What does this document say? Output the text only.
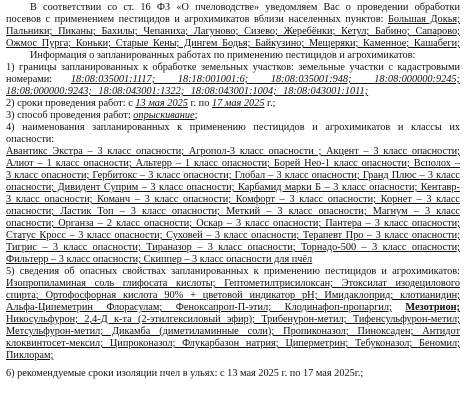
В соответствии со ст. 16 ФЗ «О пчеловодстве» уведомляем Вас о проведении обработки
посевов с применением пестицидов и агрохимикатов вблизи населенных пунктов: Большая Докья;
Пальники; Пиканы; Бахилы; Чепаниха; Лагуново; Сизево; Жеребёнки; Кетул; Бабино; Сапарово;
Ожмос Пурга; Коньки; Старые Кены; Дингем Бодья; Байкузино; Мещеряки; Каменное; Кашабеги;
Информация о запланированных работах по применению пестицидов и агрохимикатов:
1) границы запланированных к обработке земельных участков: земельные участки с кадастровыми
номерами: 18:08:035001:1117; 18:18:001001:6; 18:08:035001:948; 18:08:000000:9245;
18:08:000000:9243; 18:08:043001:1322; 18:08:043001:1004; 18:08:043001:1011;
2) сроки проведения работ: с 13 мая 2025 г. по 17 мая 2025 г.;
3) способ проведения работ: опрыскивание;
4) наименования запланированных к применению пестицидов и агрохимикатов и классы их
опасности:
Авантикс Экстра – 3 класс опасности; Агропол-3 класс опасности ; Акцент – 3 класс опасности;
Алиот – 1 класс опасности; Альтерр – 1 класс опасности; Борей Нео-1 класс опасности; Всполох –
3 класс опасности; Гербитокс – 3 класс опасности; Глобал – 3 класс опасности; Гранд Плюс – 3 класс
опасности; Дивидент Суприм – 3 класс опасности; Карбамид марки Б – 3 класс опасности; Кентавр-
3 класс опасности; Команч – 3 класс опасности; Комфорт – 3 класс опасности; Корнет – 3 класс
опасности; Ластик Топ – 3 класс опасности; Меткий – 3 класс опасности; Магнум – 3 класс
опасности; Органза – 2 класс опасности; Оскар – 3 класс опасности; Пантера – 3 класс опасности;
Статус Кросс – 3 класс опасности; Суховей – 3 класс опасности; Терапевт Про – 3 класс опасности;
Тигрис – 3 класс опасности; Тираназор – 3 класс опасности; Торнадо-500 – 3 класс опасности;
Фильтерр – 3 класс опасности; Скиппер – 3 класс опасности для пчёл
5) сведения об опасных свойствах запланированных к применению пестицидов и агрохимикатов:
Изопропиламиная соль глифосата кислоты; Гептометилтрисилоксан; Этоксилат изодецилового
спирта; Ортофосфорная кислота 90% + цветовой индикатор рН; Имидаклоприд; клотианидин;
Альфа-Ципеметрин Флорасулам; Феноксапроп-П-этил; Клодинафоп-пропаргил; Мезотрион;
Никосульфурон; 2,4-Д к-та (2-этилгексиловый эфир); Трибенурон-метил; Тифенсульфурон-метил;
Метсульфурон-метил; Дикамба (диметиламинные соли); Пропиконазол; Пиноксаден; Антидот
клоквинтосет-мексил; Ципроконазол; Флукарбазон натрия; Циперметрин; Тебуконазол; Беномил;
Пиклорам;
6) рекомендуемые сроки изоляции пчел в ульях: с 13 мая 2025 г. по 17 мая 2025г.;
